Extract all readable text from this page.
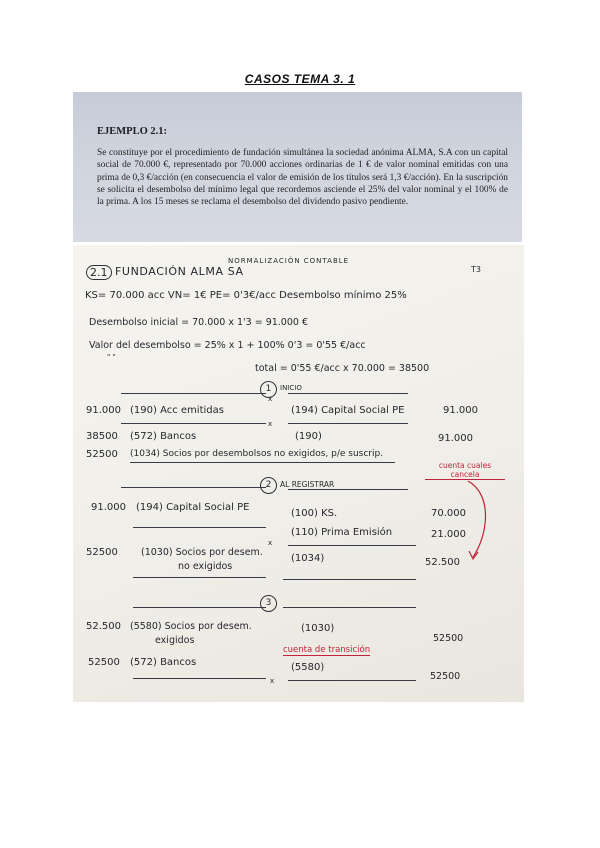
CASOS TEMA 3. 1
EJEMPLO 2.1:

Se constituye por el procedimiento de fundación simultánea la sociedad anónima ALMA, S.A con un capital social de 70.000 €, representado por 70.000 acciones ordinarias de 1 € de valor nominal emitidas con una prima de 0,3 €/acción (en consecuencia el valor de emisión de los títulos será 1,3 €/acción). En la suscripción se solicita el desembolso del mínimo legal que recordemos asciende el 25% del valor nominal y el 100% de la prima. A los 15 meses se reclama el desembolso del dividendo pasivo pendiente.

NORMALIZACIÓN CONTABLE
T3
2.1 FUNDACIÓN ALMA SA
KS= 70.000 acc VN= 1€ PE= 0'3€/acc Desembolso mínimo 25%
Desembolso inicial = 70.000 x 1'3 = 91.000 €
Valor del desembolso = 25% x 1 + 100% 0'3 = 0'55 €/acc
" "
total = 0'55 €/acc x 70.000 = 38500
1	INICIO
x
91.000 (190) Acc emitidas	(194) Capital Social PE	91.000
x
38500 (572) Bancos	(190)	91.000
52500 (1034) Socios por desembolsos no exigidos, p/e suscrip.
cuenta cuales cancela
2	AL REGISTRAR
91.000 (194) Capital Social PE
(100) KS.	70.000
(110) Prima Emisión	21.000
x
52500 (1030) Socios por desem.
no exigidos
(1034)	52.500
3
52.500 (5580) Socios por desem.
exigidos
(1030)
52500
cuenta de transición
52500 (572) Bancos	(5580)
52500
x
